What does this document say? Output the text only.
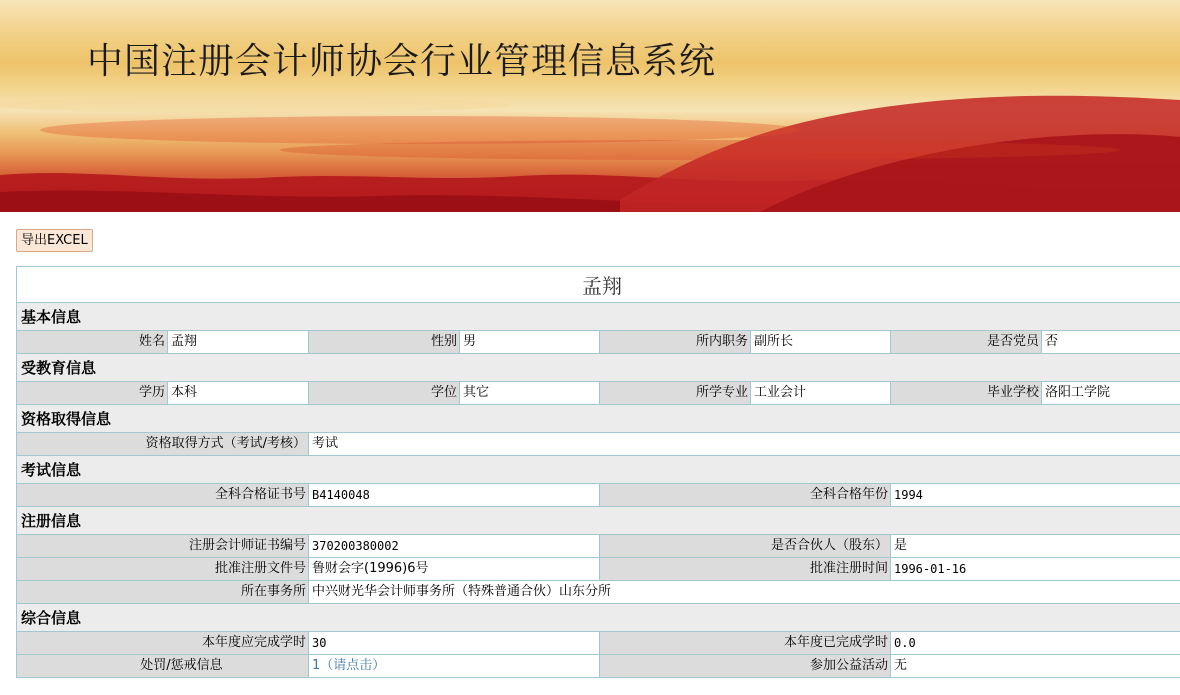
中国注册会计师协会行业管理信息系统
导出EXCEL
孟翔
基本信息
姓名 孟翔	性别 男	所内职务 副所长	是否党员 否
受教育信息
学历 本科	学位 其它	所学专业 工业会计	毕业学校 洛阳工学院
资格取得信息
资格取得方式（考试/考核） 考试
考试信息
全科合格证书号 B4140048	全科合格年份 1994
注册信息
注册会计师证书编号 370200380002	是否合伙人（股东） 是
批准注册文件号 鲁财会字(1996)6号	批准注册时间 1996-01-16
所在事务所 中兴财光华会计师事务所（特殊普通合伙）山东分所
综合信息
本年度应完成学时 30	本年度已完成学时 0.0
处罚/惩戒信息	1（请点击）	参加公益活动 无
